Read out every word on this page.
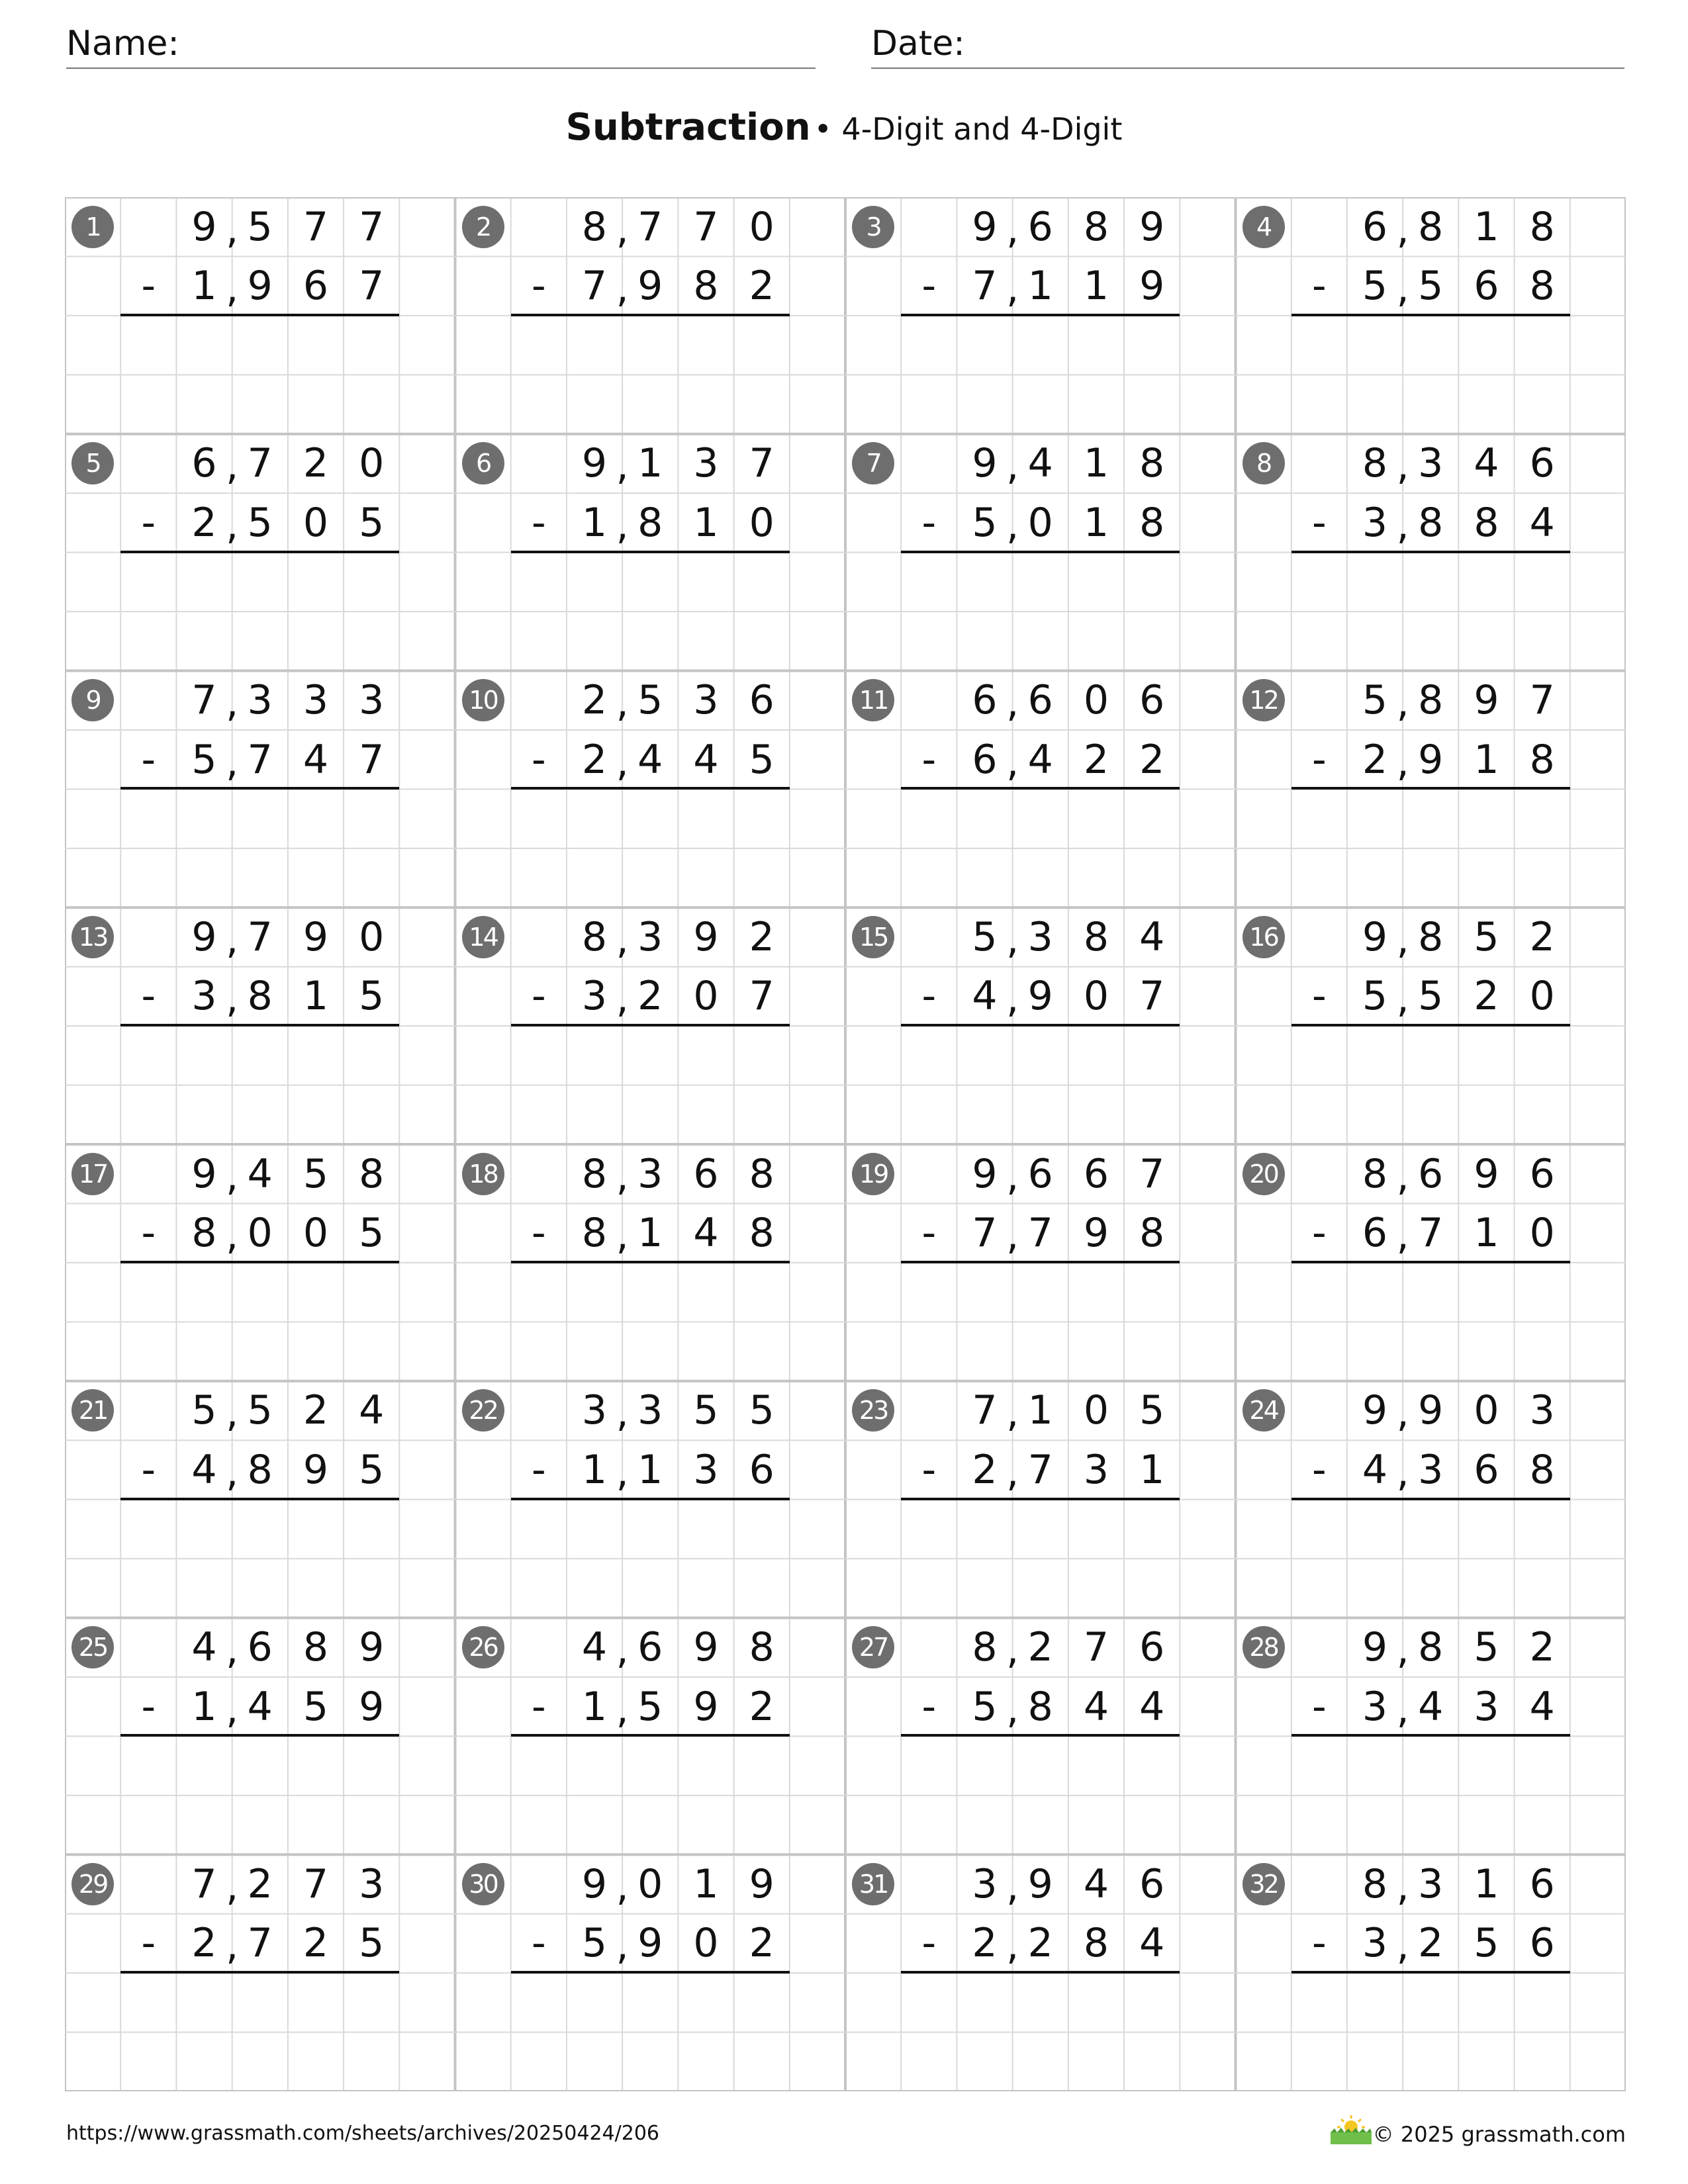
Name:	Date:
Subtraction • 4-Digit and 4-Digit
1	9 5 7 7
,
1 9 6 7
,
-
2	8 7 7 0
,
7 9 8 2
,
-
3	9 6 8 9
,
7 1 1 9
,
-
4	6 8 1 8
,
5 5 6 8
,
-
5	6 7 2 0
,
2 5 0 5
,
-
6	9 1 3 7
,
1 8 1 0
,
-
7	9 4 1 8
,
5 0 1 8
,
-
8	8 3 4 6
,
3 8 8 4
,
-
9	7 3 3 3
,
5 7 4 7
,
-
10	2 5 3 6
,
2 4 4 5
,
-
11	6 6 0 6
,
6 4 2 2
,
-
12	5 8 9 7
,
2 9 1 8
,
-
13	9 7 9 0
,
3 8 1 5
,
-
14	8 3 9 2
,
3 2 0 7
,
-
15	5 3 8 4
,
4 9 0 7
,
-
16	9 8 5 2
,
5 5 2 0
,
-
17	9 4 5 8
,
8 0 0 5
,
-
18	8 3 6 8
,
8 1 4 8
,
-
19	9 6 6 7
,
7 7 9 8
,
-
20	8 6 9 6
,
6 7 1 0
,
-
21	5 5 2 4
,
4 8 9 5
,
-
22	3 3 5 5
,
1 1 3 6
,
-
23	7 1 0 5
,
2 7 3 1
,
-
24	9 9 0 3
,
4 3 6 8
,
-
25	4 6 8 9
,
1 4 5 9
,
-
26	4 6 9 8
,
1 5 9 2
,
-
27	8 2 7 6
,
5 8 4 4
,
-
28	9 8 5 2
,
3 4 3 4
,
-
29	7 2 7 3
,
2 7 2 5
,
-
30	9 0 1 9
,
5 9 0 2
,
-
31	3 9 4 6
,
2 2 8 4
,
-
32	8 3 1 6
,
3 2 5 6
,
-
https://www.grassmath.com/sheets/archives/20250424/206	© 2025 grassmath.com
